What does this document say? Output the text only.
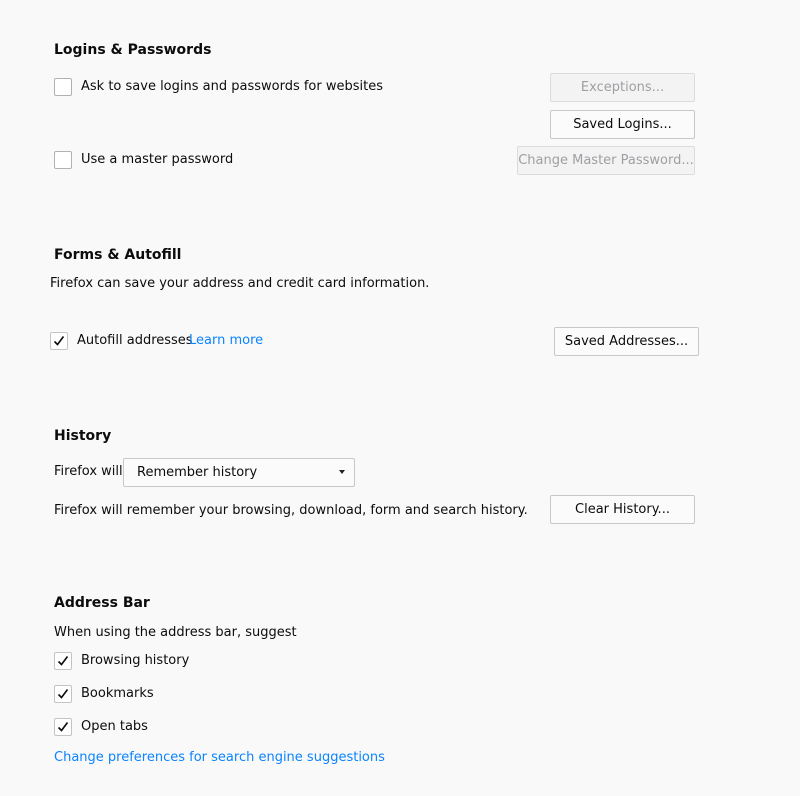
Logins & Passwords
Ask to save logins and passwords for websites	Exceptions...
Saved Logins...
Use a master password	Change Master Password...
Forms & Autofill
Firefox can save your address and credit card information.
Autofill addresses
Learn more	Saved Addresses...
History
Firefox will Remember history
Firefox will remember your browsing, download, form and search history.	Clear History...
Address Bar
When using the address bar, suggest
Browsing history
Bookmarks
Open tabs
Change preferences for search engine suggestions
